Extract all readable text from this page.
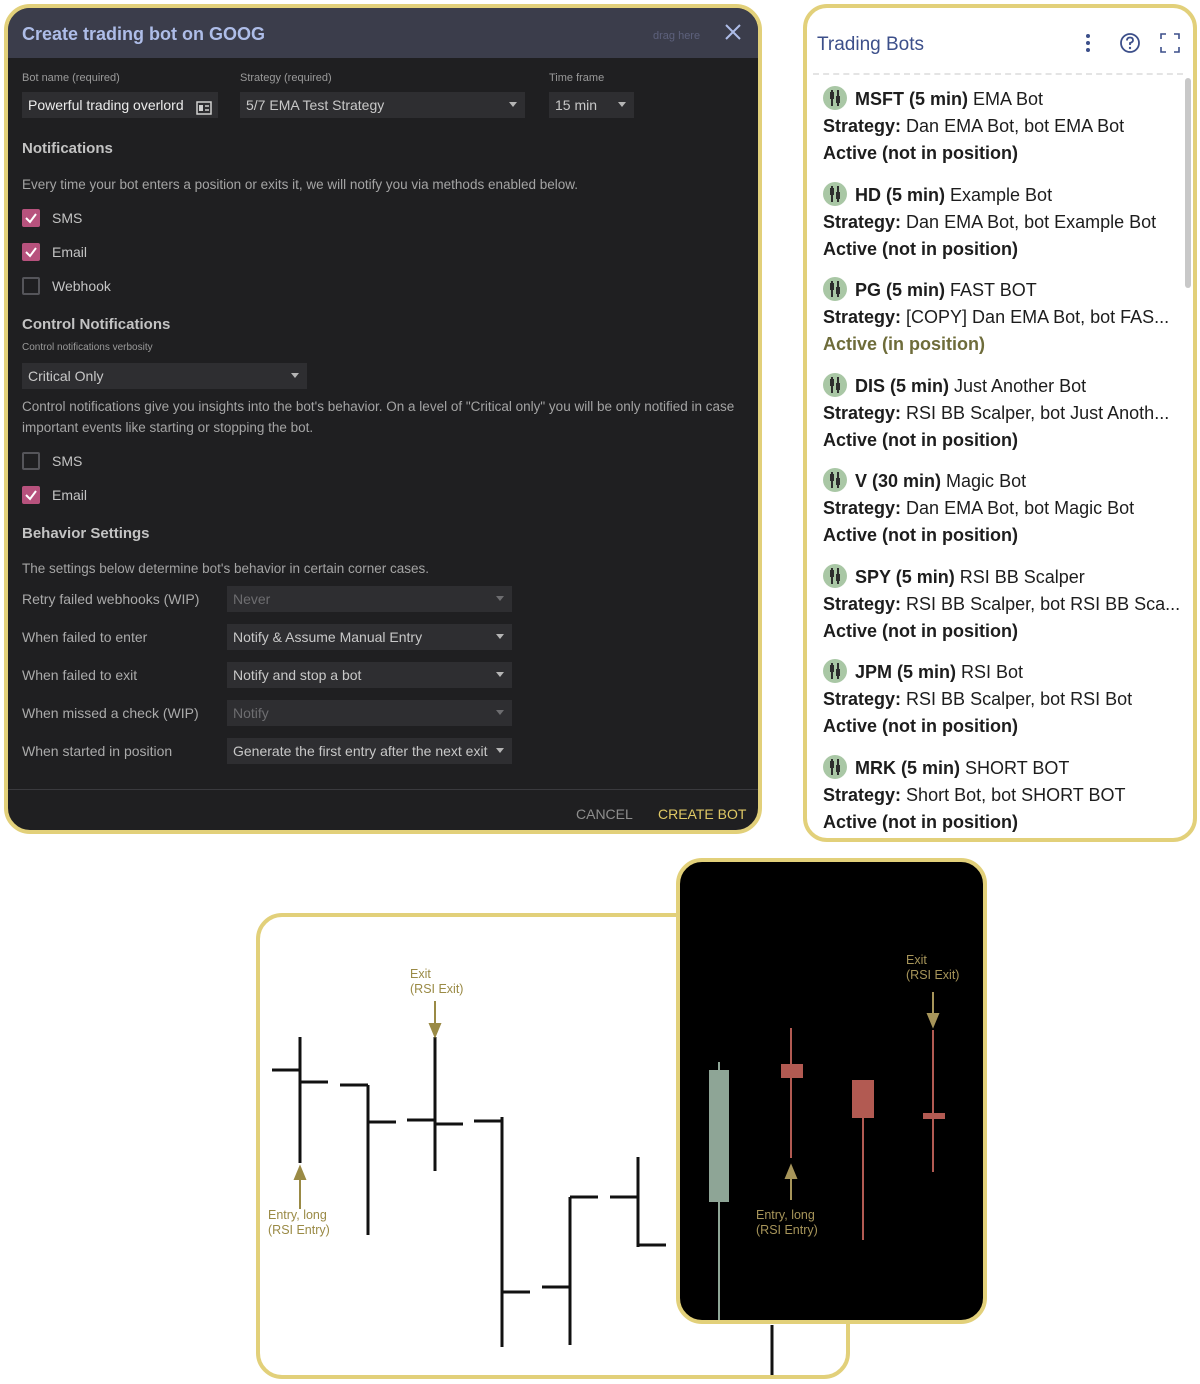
Create trading bot on GOOG	drag here
Bot name (required)
Powerful trading overlord
Strategy (required)
5/7 EMA Test Strategy
Time frame
15 min
Notifications
Every time your bot enters a position or exits it, we will notify you via methods enabled below.
SMS
Email
Webhook
Control Notifications
Control notifications verbosity
Critical Only
Control notifications give you insights into the bot's behavior. On a level of "Critical only" you will be only notified in case important events like starting or stopping the bot.
SMS
Email
Behavior Settings
The settings below determine bot's behavior in certain corner cases.
Retry failed webhooks (WIP)	Never
When failed to enter	Notify & Assume Manual Entry
When failed to exit	Notify and stop a bot
When missed a check (WIP)	Notify
When started in position	Generate the first entry after the next exit
CANCEL CREATE BOT
Trading Bots
MSFT (5 min) EMA Bot
Strategy: Dan EMA Bot, bot EMA Bot
Active (not in position)
HD (5 min) Example Bot
Strategy: Dan EMA Bot, bot Example Bot
Active (not in position)
PG (5 min) FAST BOT
Strategy: [COPY] Dan EMA Bot, bot FAS...
Active (in position)
DIS (5 min) Just Another Bot
Strategy: RSI BB Scalper, bot Just Anoth...
Active (not in position)
V (30 min) Magic Bot
Strategy: Dan EMA Bot, bot Magic Bot
Active (not in position)
SPY (5 min) RSI BB Scalper
Strategy: RSI BB Scalper, bot RSI BB Sca...
Active (not in position)
JPM (5 min) RSI Bot
Strategy: RSI BB Scalper, bot RSI Bot
Active (not in position)
MRK (5 min) SHORT BOT
Strategy: Short Bot, bot SHORT BOT
Active (not in position)
Entry, long
(RSI Entry)
Exit
(RSI Exit)
Entry, long
(RSI Entry)
Exit
(RSI Exit)
